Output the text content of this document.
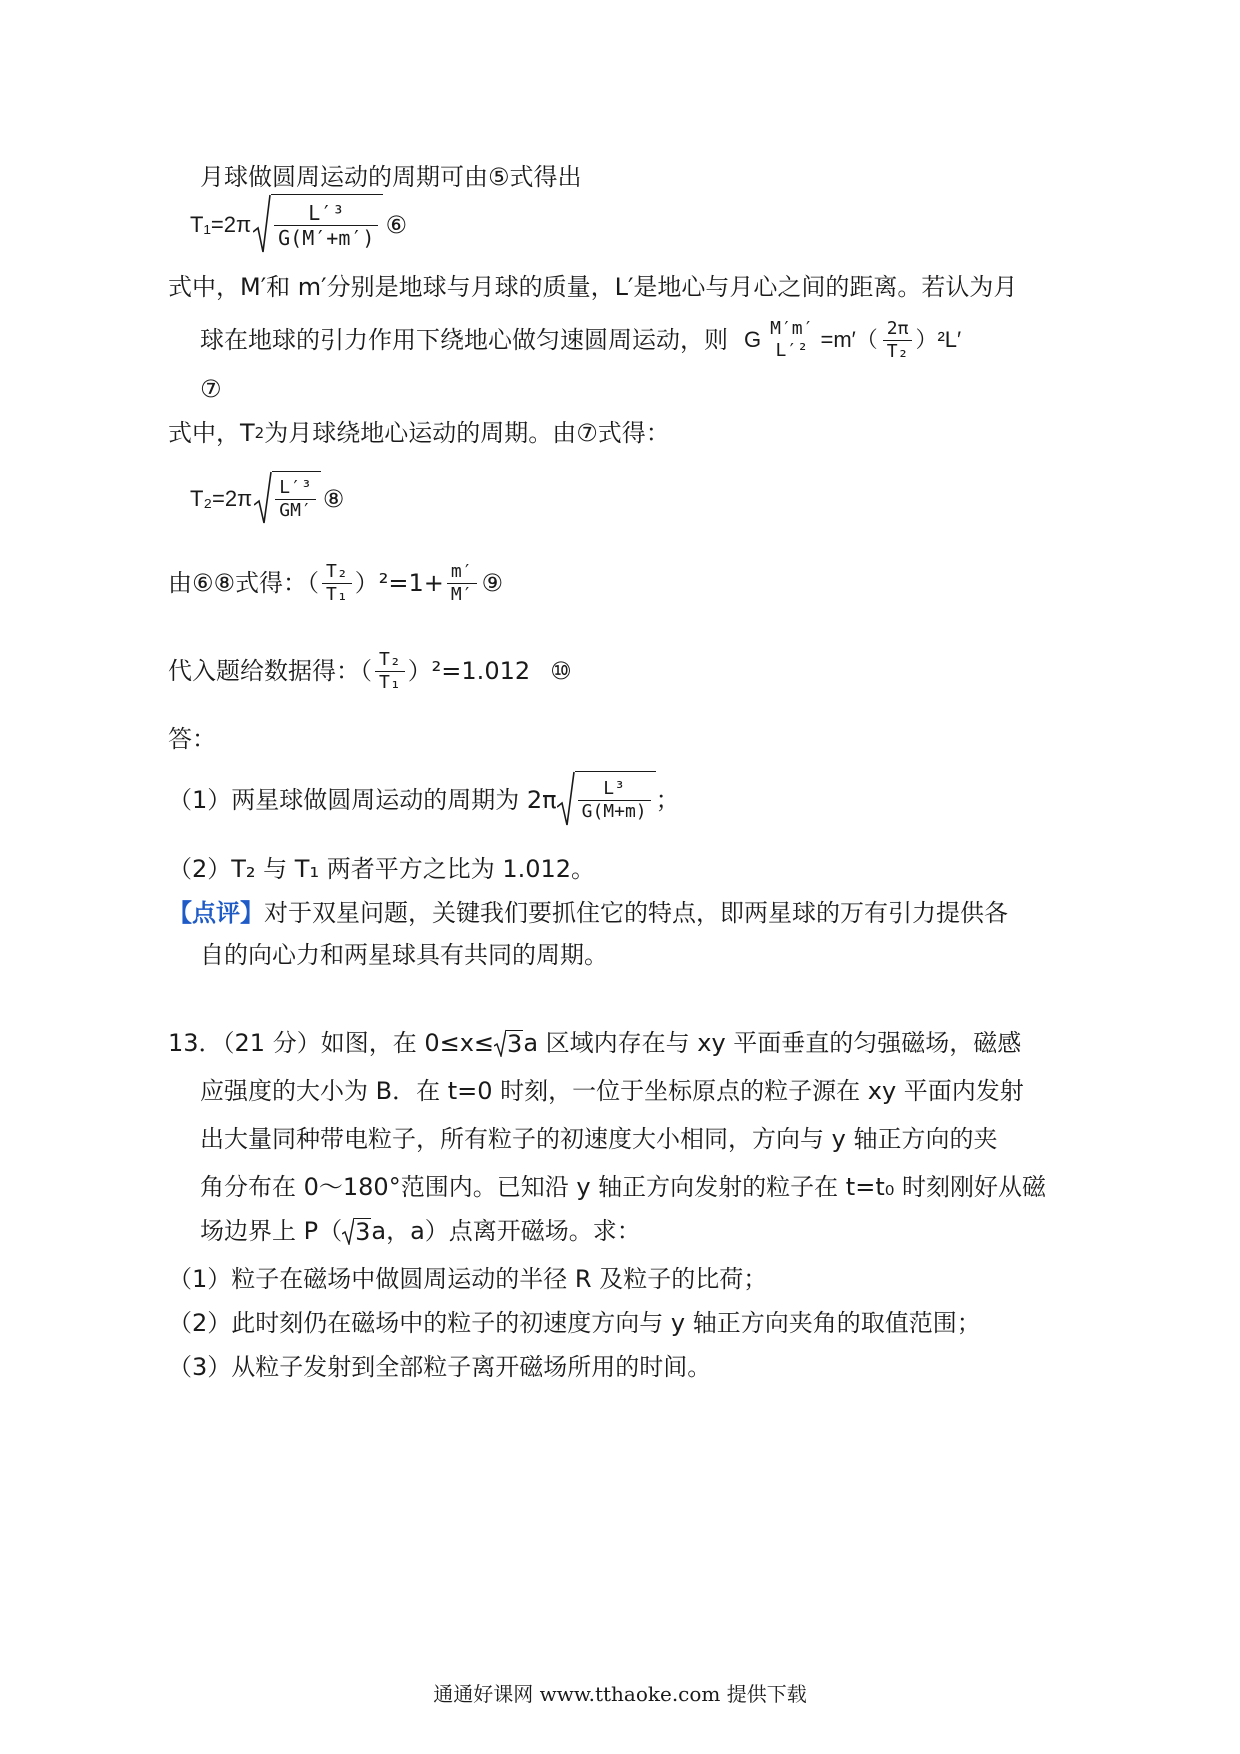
月球做圆周运动的周期可由⑤式得出
$T_1=2\pi \frac{\text{L′³}}{G(M'+m')}$ ⑥
式中，M′和 m′分别是地球与月球的质量，L′是地心与月心之间的距离。若认为月
球在地球的引力作用下绕地心做匀速圆周运动，则 G M′m′
$L'^2 =m'( \frac{2\pi}{\text{T₂}} )^2L'$
⑦
式中， T 2 为月球绕地心运动的周期。由⑦式得：
$T_2=2\pi \frac{\text{L′³}}{GM'}$ ⑧
由⑥⑧式得：（ $\frac{\text{T₂}}{\text{T₁}} )^2=1+ \frac{m'}{M'}$ ⑨
代入题给数据得：（ $\frac{\text{T₂}}{\text{T₁}} )^2=1.012$ ⑩
答：
（1）两星球做圆周运动的周期为 $2\pi \frac{\text{L³}}{G(M+m)}$ ；
（2）T₂ 与 T₁ 两者平方之比为 1.012。
【点评】 对于双星问题，关键我们要抓住它的特点，即两星球的万有引力提供各
自的向心力和两星球具有共同的周期。
13．（21 分）如图，在 0≤x≤ 3 a 区域内存在与 xy 平面垂直的匀强磁场，磁感
应强度的大小为 B．在 t=0 时刻，一位于坐标原点的粒子源在 xy 平面内发射
出大量同种带电粒子，所有粒子的初速度大小相同，方向与 y 轴正方向的夹
角分布在 0～180°范围内。已知沿 y 轴正方向发射的粒子在 t=t₀ 时刻刚好从磁
场边界上 P（ 3 a，a）点离开磁场。求：
（1）粒子在磁场中做圆周运动的半径 R 及粒子的比荷；
（2）此时刻仍在磁场中的粒子的初速度方向与 y 轴正方向夹角的取值范围；
（3）从粒子发射到全部粒子离开磁场所用的时间。
通通好课网 www.tthaoke.com 提供下载
